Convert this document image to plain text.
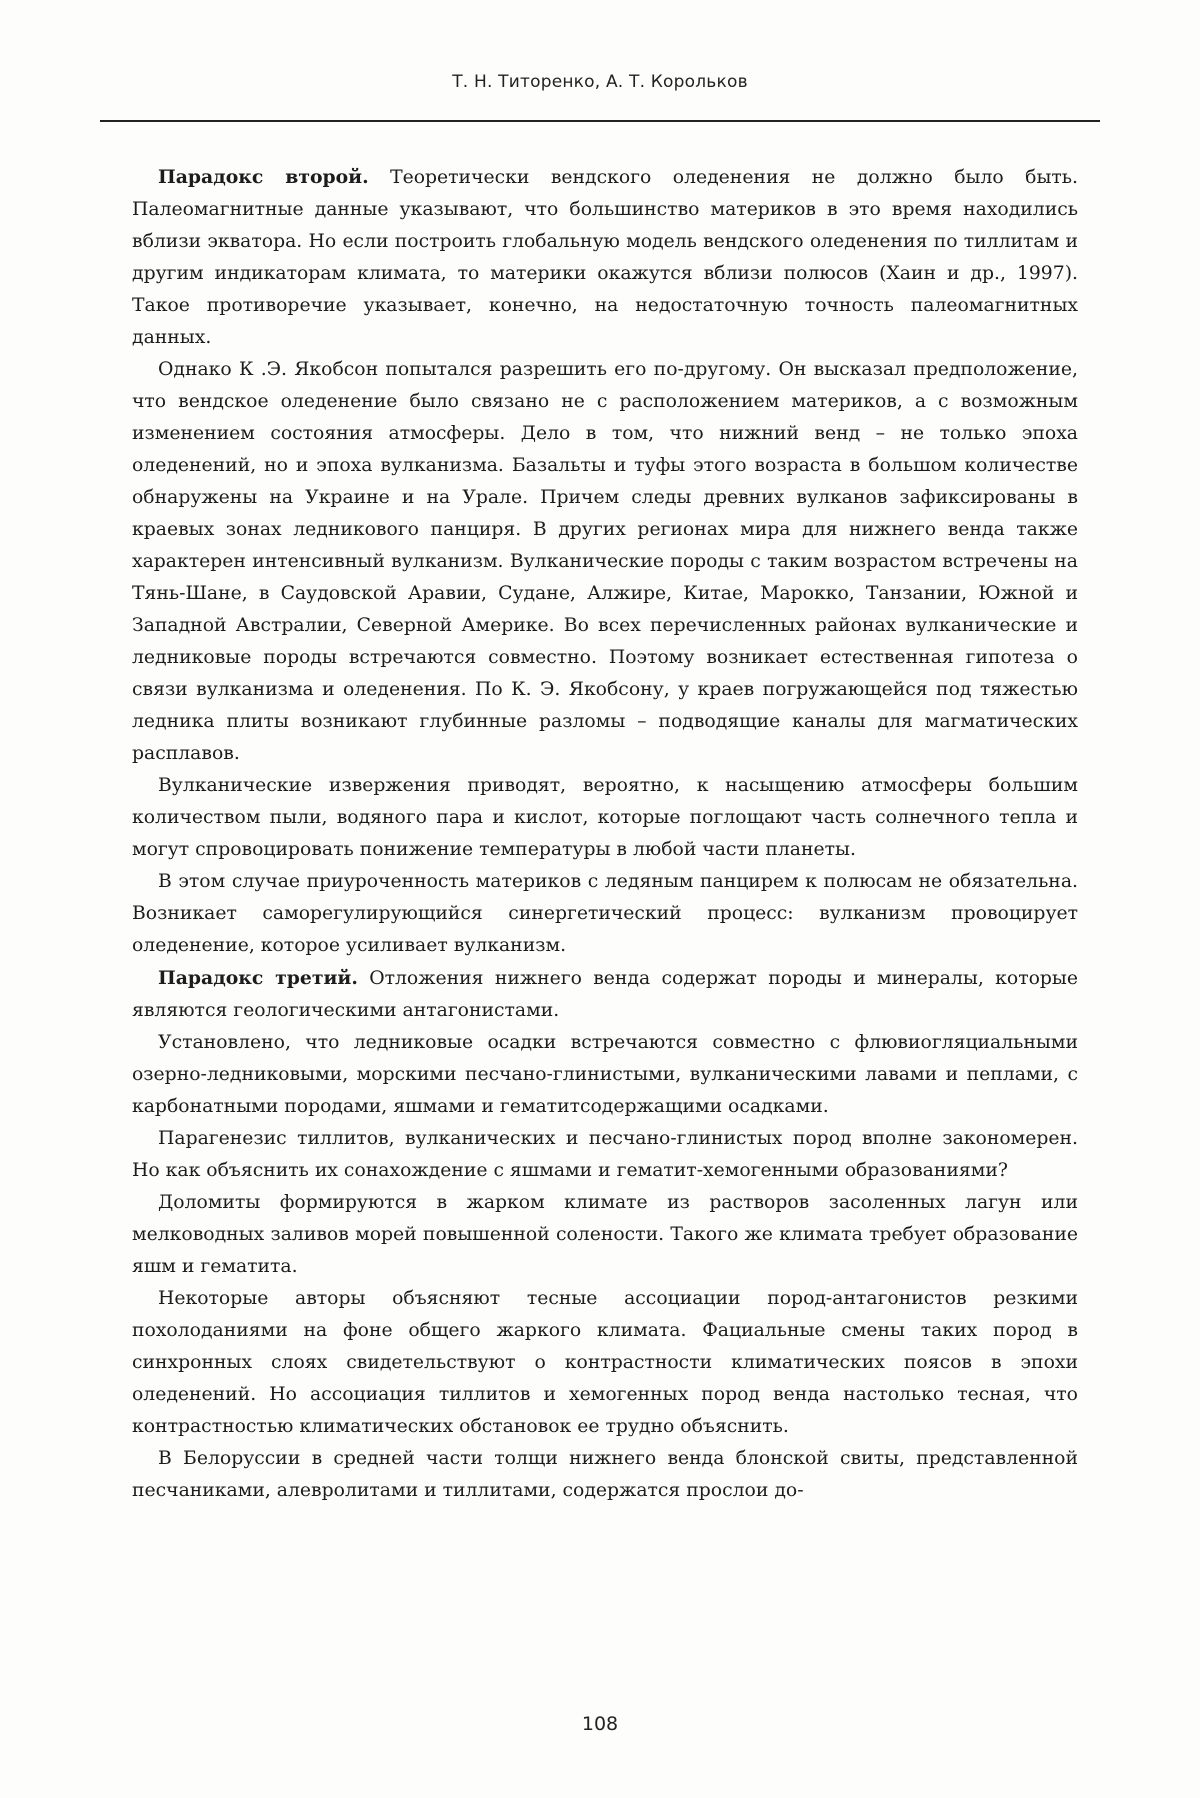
Т. Н. Титоренко, А. Т. Корольков

Парадокс второй. Теоретически вендского оледенения не должно было быть. Палеомагнитные данные указывают, что большинство материков в это время находились вблизи экватора. Но если построить глобальную модель вендского оледенения по тиллитам и другим индикаторам климата, то материки окажутся вблизи полюсов (Хаин и др., 1997). Такое противоречие указывает, конечно, на недостаточную точность палеомагнитных данных.

Однако К .Э. Якобсон попытался разрешить его по-другому. Он высказал предположение, что вендское оледенение было связано не с расположением материков, а с возможным изменением состояния атмосферы. Дело в том, что нижний венд – не только эпоха оледенений, но и эпоха вулканизма. Базальты и туфы этого возраста в большом количестве обнаружены на Украине и на Урале. Причем следы древних вулканов зафиксированы в краевых зонах ледникового панциря. В других регионах мира для нижнего венда также характерен интенсивный вулканизм. Вулканические породы с таким возрастом встречены на Тянь-Шане, в Саудовской Аравии, Судане, Алжире, Китае, Марокко, Танзании, Южной и Западной Австралии, Северной Америке. Во всех перечисленных районах вулканические и ледниковые породы встречаются совместно. Поэтому возникает естественная гипотеза о связи вулканизма и оледенения. По К. Э. Якобсону, у краев погружающейся под тяжестью ледника плиты возникают глубинные разломы – подводящие каналы для магматических расплавов.

Вулканические извержения приводят, вероятно, к насыщению атмосферы большим количеством пыли, водяного пара и кислот, которые поглощают часть солнечного тепла и могут спровоцировать понижение температуры в любой части планеты.

В этом случае приуроченность материков с ледяным панцирем к полюсам не обязательна. Возникает саморегулирующийся синергетический процесс: вулканизм провоцирует оледенение, которое усиливает вулканизм.

Парадокс третий. Отложения нижнего венда содержат породы и минералы, которые являются геологическими антагонистами.

Установлено, что ледниковые осадки встречаются совместно с флювиогляциальными озерно-ледниковыми, морскими песчано-глинистыми, вулканическими лавами и пеплами, с карбонатными породами, яшмами и гематитсодержащими осадками.

Парагенезис тиллитов, вулканических и песчано-глинистых пород вполне закономерен. Но как объяснить их сонахождение с яшмами и гематит-хемогенными образованиями?

Доломиты формируются в жарком климате из растворов засоленных лагун или мелководных заливов морей повышенной солености. Такого же климата требует образование яшм и гематита.

Некоторые авторы объясняют тесные ассоциации пород-антагонистов резкими похолоданиями на фоне общего жаркого климата. Фациальные смены таких пород в синхронных слоях свидетельствуют о контрастности климатических поясов в эпохи оледенений. Но ассоциация тиллитов и хемогенных пород венда настолько тесная, что контрастностью климатических обстановок ее трудно объяснить.

В Белоруссии в средней части толщи нижнего венда блонской свиты, представленной песчаниками, алевролитами и тиллитами, содержатся прослои до-

108
